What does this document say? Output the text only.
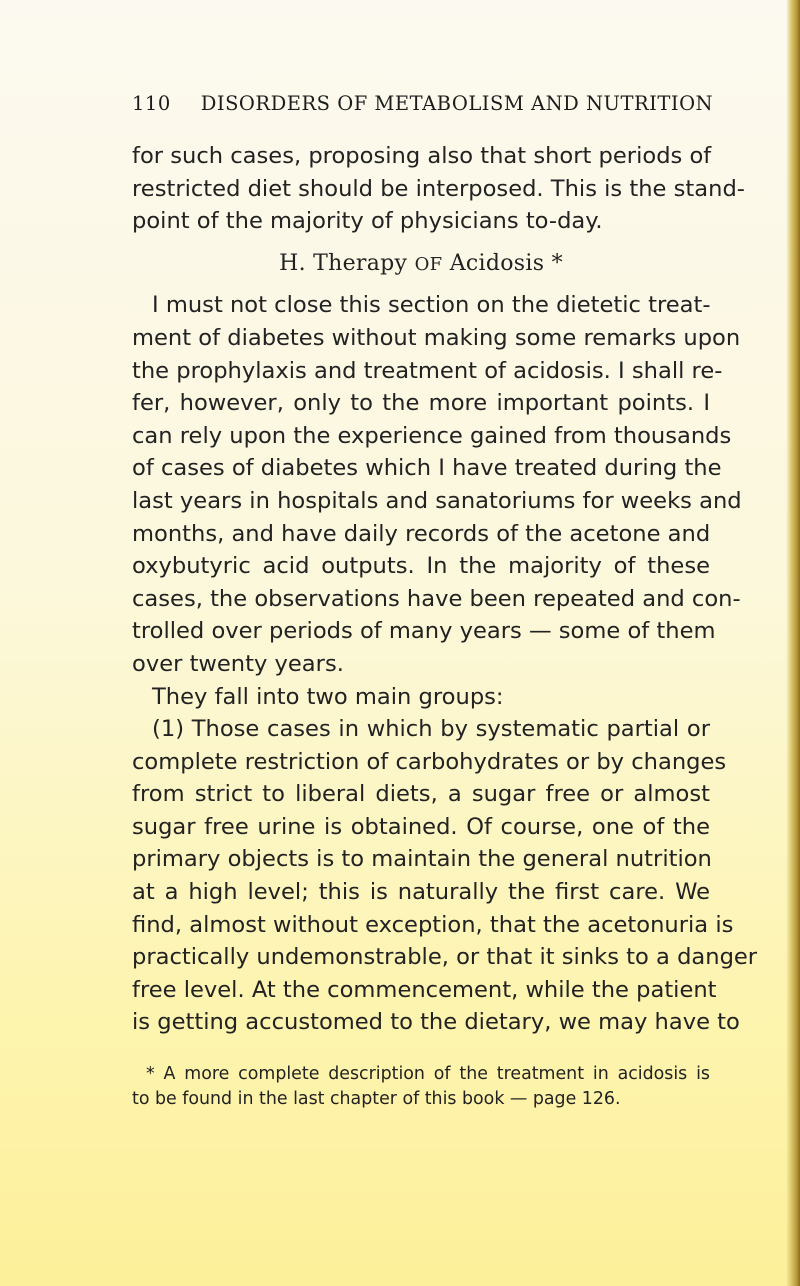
110 DISORDERS OF METABOLISM AND NUTRITION

for such cases, proposing also that short periods of

restricted diet should be interposed. This is the stand-

point of the majority of physicians to-day.

H. Therapy OF Acidosis *

I must not close this section on the dietetic treat-

ment of diabetes without making some remarks upon

the prophylaxis and treatment of acidosis. I shall re-

fer, however, only to the more important points. I

can rely upon the experience gained from thousands

of cases of diabetes which I have treated during the

last years in hospitals and sanatoriums for weeks and

months, and have daily records of the acetone and

oxybutyric acid outputs. In the majority of these

cases, the observations have been repeated and con-

trolled over periods of many years — some of them

over twenty years.

They fall into two main groups:

(1) Those cases in which by systematic partial or

complete restriction of carbohydrates or by changes

from strict to liberal diets, a sugar free or almost

sugar free urine is obtained. Of course, one of the

primary objects is to maintain the general nutrition

at a high level; this is naturally the first care. We

find, almost without exception, that the acetonuria is

practically undemonstrable, or that it sinks to a danger

free level. At the commencement, while the patient

is getting accustomed to the dietary, we may have to

* A more complete description of the treatment in acidosis is

to be found in the last chapter of this book — page 126.
